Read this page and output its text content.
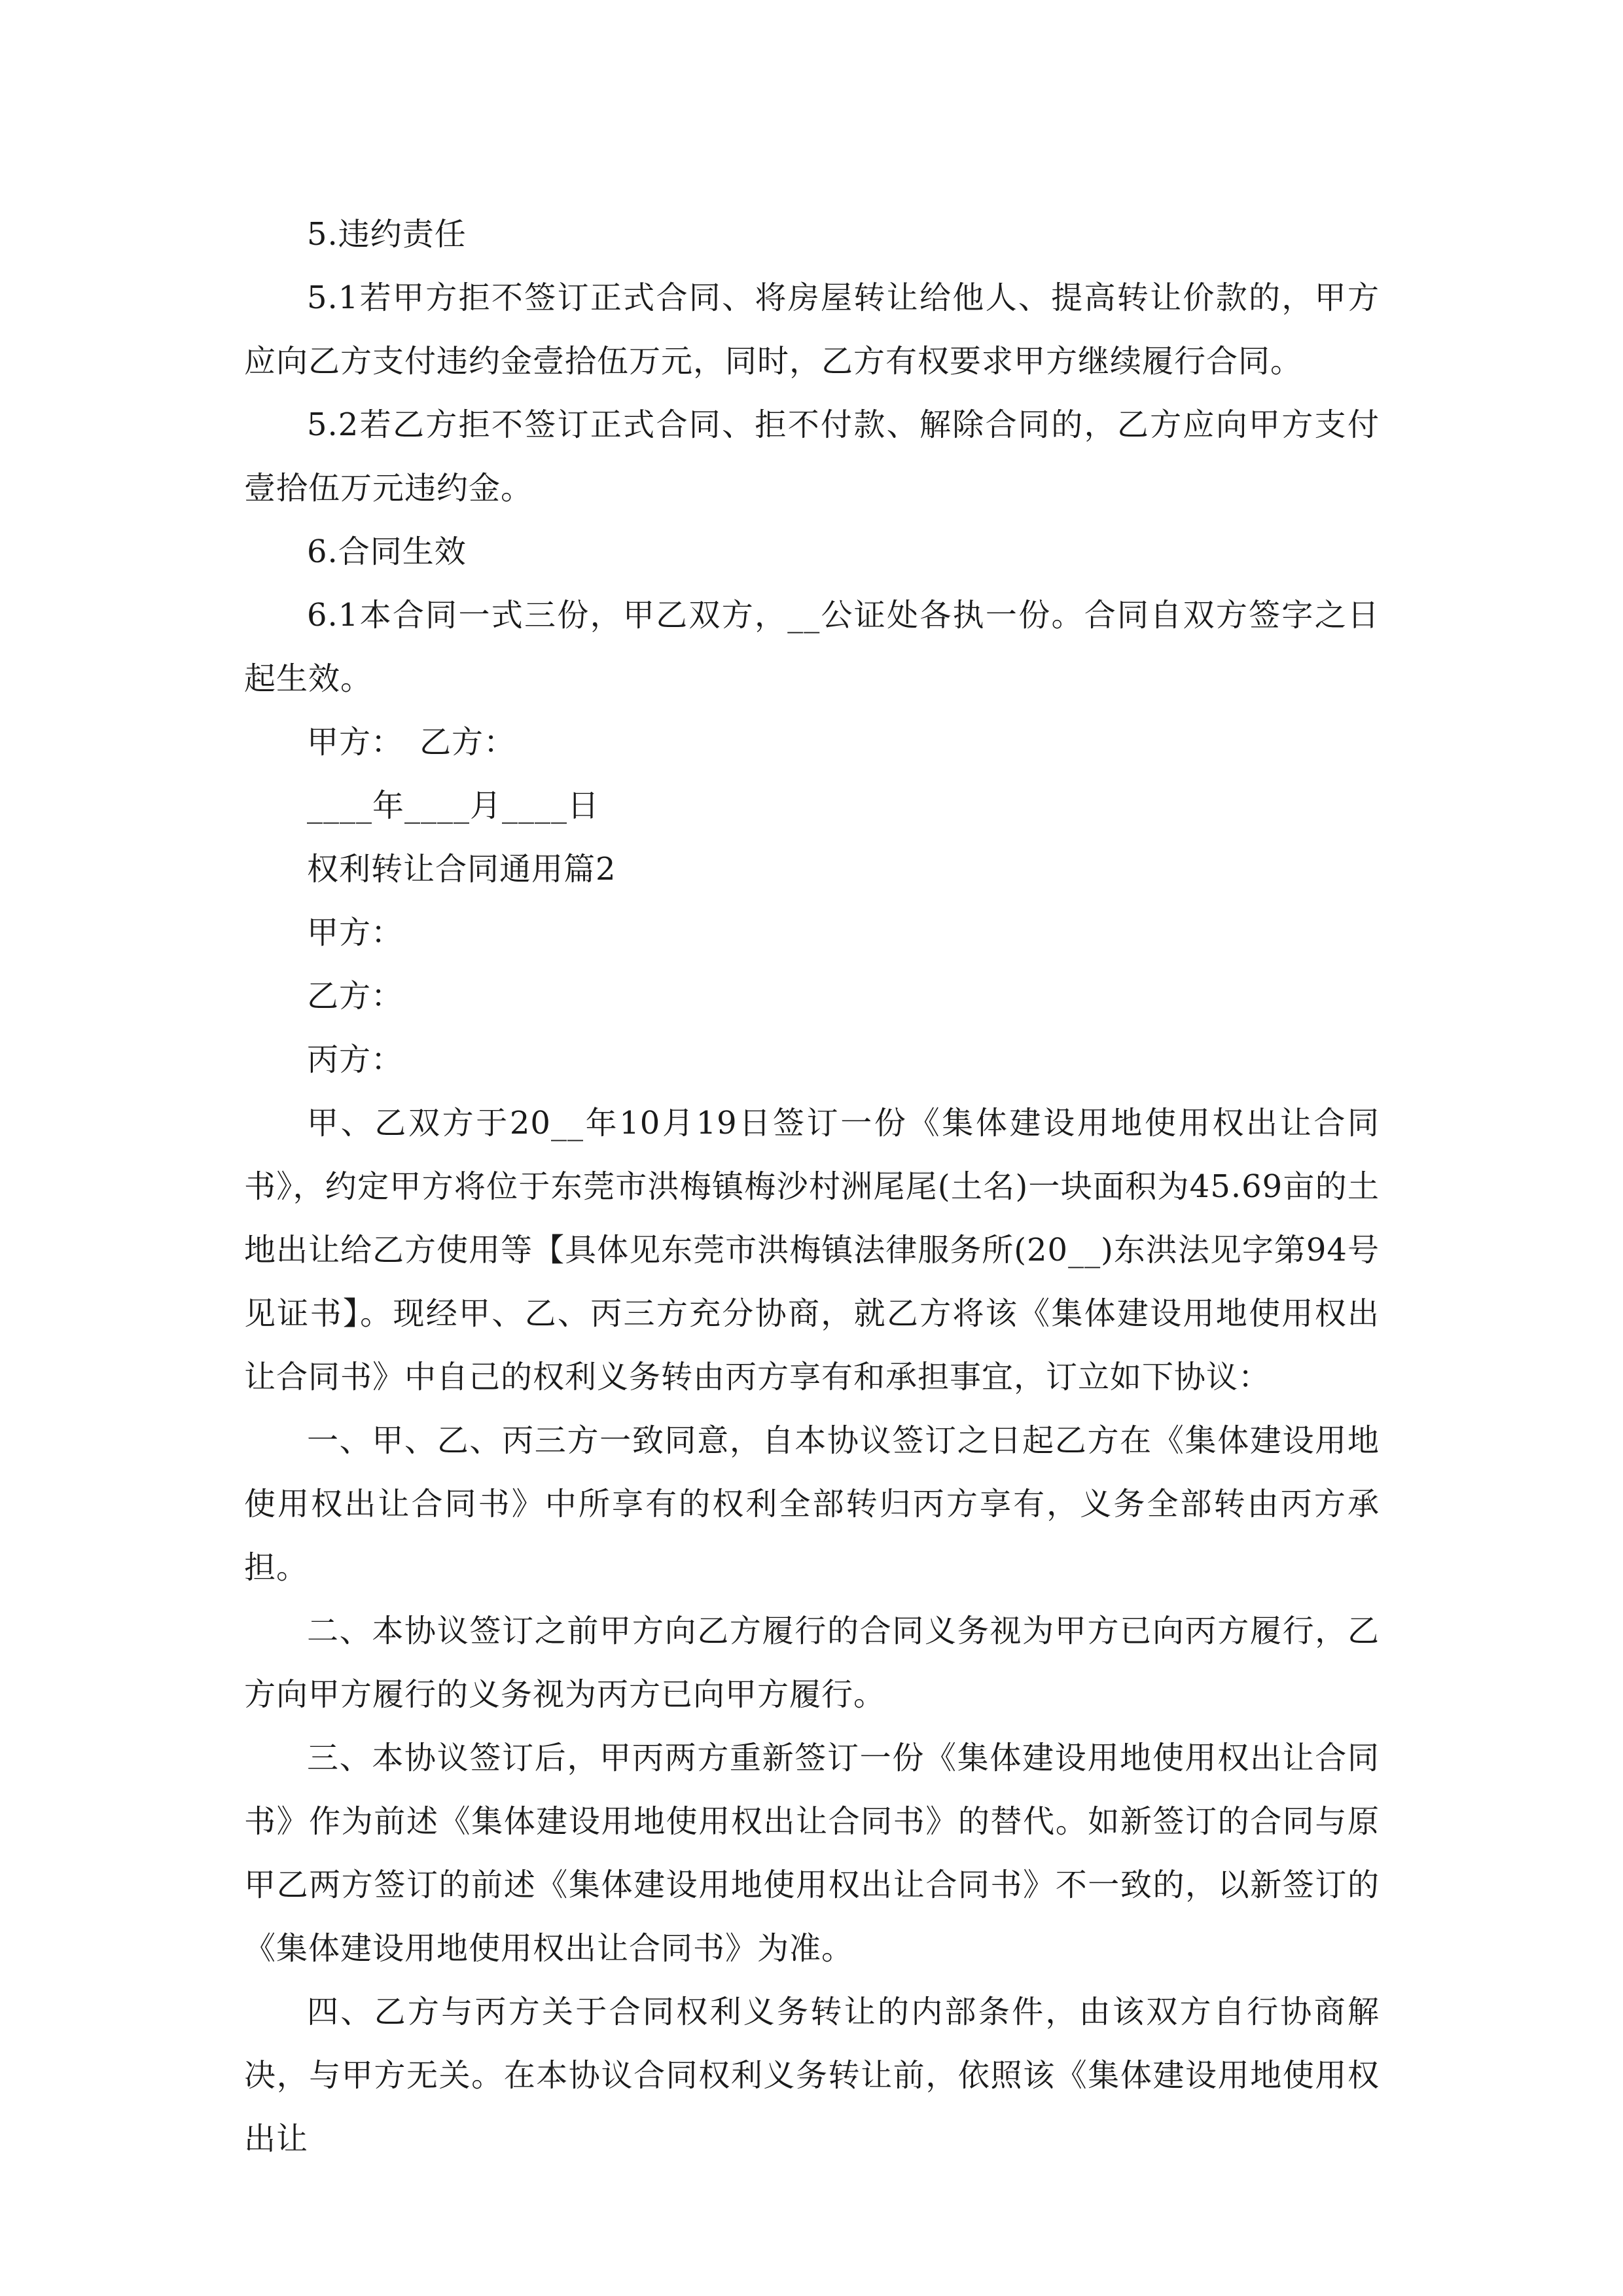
5.违约责任

5.1若甲方拒不签订正式合同、将房屋转让给他人、提高转让价款的，甲方应向乙方支付违约金壹拾伍万元，同时，乙方有权要求甲方继续履行合同。

5.2若乙方拒不签订正式合同、拒不付款、解除合同的，乙方应向甲方支付壹拾伍万元违约金。

6.合同生效

6.1本合同一式三份，甲乙双方，__公证处各执一份。合同自双方签字之日起生效。

甲方：　乙方：

____年____月____日

权利转让合同通用篇2

甲方：

乙方：

丙方：

甲、乙双方于20__年10月19日签订一份《集体建设用地使用权出让合同书》，约定甲方将位于东莞市洪梅镇梅沙村洲尾尾(土名)一块面积为45.69亩的土地出让给乙方使用等【具体见东莞市洪梅镇法律服务所(20__)东洪法见字第94号见证书】。现经甲、乙、丙三方充分协商，就乙方将该《集体建设用地使用权出让合同书》中自己的权利义务转由丙方享有和承担事宜，订立如下协议：

一、甲、乙、丙三方一致同意，自本协议签订之日起乙方在《集体建设用地使用权出让合同书》中所享有的权利全部转归丙方享有，义务全部转由丙方承担。

二、本协议签订之前甲方向乙方履行的合同义务视为甲方已向丙方履行，乙方向甲方履行的义务视为丙方已向甲方履行。

三、本协议签订后，甲丙两方重新签订一份《集体建设用地使用权出让合同书》作为前述《集体建设用地使用权出让合同书》的替代。如新签订的合同与原甲乙两方签订的前述《集体建设用地使用权出让合同书》不一致的，以新签订的《集体建设用地使用权出让合同书》为准。

四、乙方与丙方关于合同权利义务转让的内部条件，由该双方自行协商解决，与甲方无关。在本协议合同权利义务转让前，依照该《集体建设用地使用权出让
